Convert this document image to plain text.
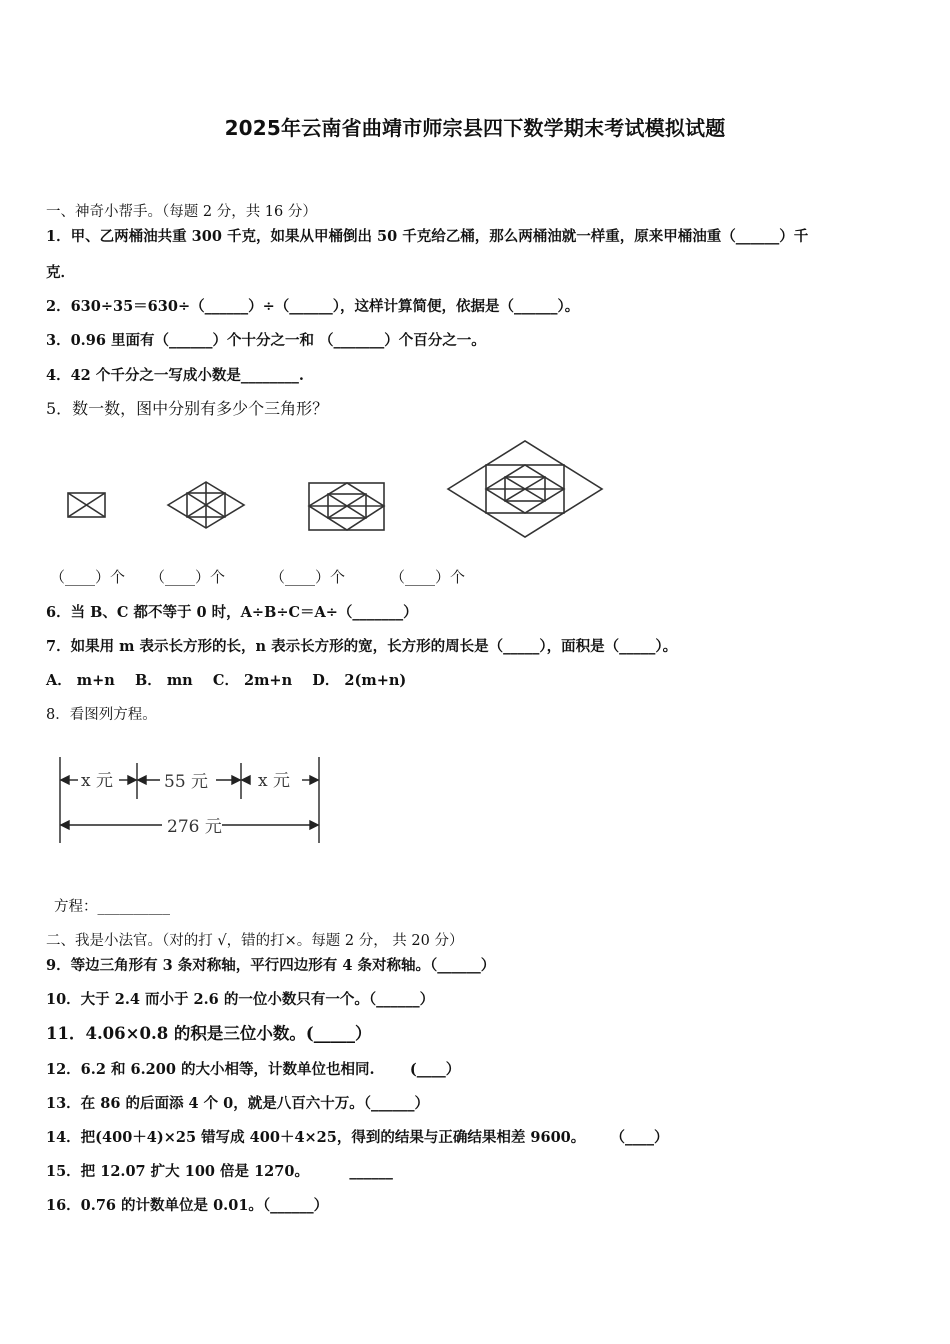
2025年云南省曲靖市师宗县四下数学期末考试模拟试题
一、神奇小帮手。（每题 2 分，共 16 分）
1．甲、乙两桶油共重 300 千克，如果从甲桶倒出 50 千克给乙桶，那么两桶油就一样重，原来甲桶油重（______）千
克．
2．630÷35＝630÷（______）÷（______），这样计算简便，依据是（______）。
3．0.96 里面有（______）个十分之一和 （_______）个百分之一。
4．42 个千分之一写成小数是________.
5．数一数，图中分别有多少个三角形？
（____）个 （____）个	（____）个	（____）个
6．当 B、C 都不等于 0 时，A÷B÷C＝A÷（_______）
7．如果用 m 表示长方形的长，n 表示长方形的宽，长方形的周长是（_____），面积是（_____）。
A． m+n    B． mn    C． 2m+n    D． 2(m+n)
8．看图列方程。
x 元	55 元	x 元
276 元
方程：__________
二、我是小法官。（对的打 √，错的打×。每题 2 分， 共 20 分）
9．等边三角形有 3 条对称轴，平行四边形有 4 条对称轴。（______）
10．大于 2.4 而小于 2.6 的一位小数只有一个。（______）
11．4.06×0.8 的积是三位小数。(_____）
12．6.2 和 6.200 的大小相等，计数单位也相同.       (____）
13．在 86 的后面添 4 个 0，就是八百六十万。（______）
14．把(400＋4)×25 错写成 400＋4×25，得到的结果与正确结果相差 9600。     （____）
15．把 12.07 扩大 100 倍是 1270。        ______
16．0.76 的计数单位是 0.01。（______）
